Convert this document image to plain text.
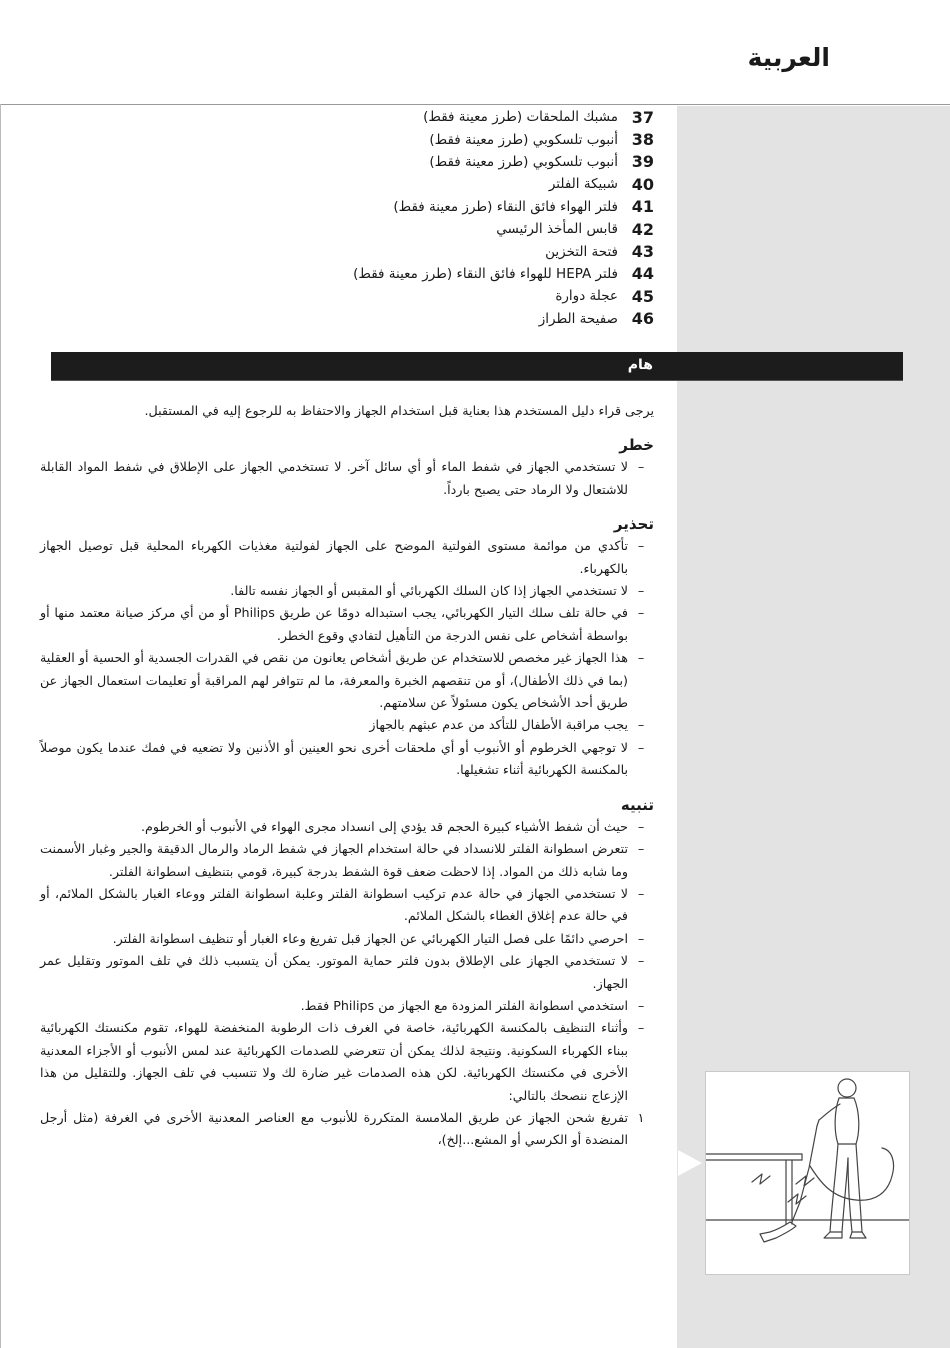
العربية
37
مشبك الملحقات (طرز معينة فقط)
38
أنبوب تلسكوبي (طرز معينة فقط)
39
أنبوب تلسكوبي (طرز معينة فقط)
40
شبيكة الفلتر
41
فلتر الهواء فائق النقاء (طرز معينة فقط)
42
قابس المأخذ الرئيسي
43
فتحة التخزين
44
فلتر HEPA للهواء فائق النقاء (طرز معينة فقط)
45
عجلة دوارة
46
صفيحة الطراز
هام

يرجى قراء دليل المستخدم هذا بعناية قبل استخدام الجهاز والاحتفاظ به للرجوع إليه في المستقبل.

خطر
–
لا تستخدمي الجهاز في شفط الماء أو أي سائل آخر. لا تستخدمي الجهاز على الإطلاق في شفط المواد القابلة للاشتعال ولا الرماد حتى يصبح بارداً.
تحذير
–
تأكدي من موائمة مستوى الفولتية الموضح على الجهاز لفولتية مغذيات الكهرباء المحلية قبل توصيل الجهاز بالكهرباء.
–
لا تستخدمي الجهاز إذا كان السلك الكهربائي أو المقبس أو الجهاز نفسه تالفا.
–
في حالة تلف سلك التيار الكهربائي، يجب استبداله دومًا عن طريق Philips أو من أي مركز صيانة معتمد منها أو بواسطة أشخاص على نفس الدرجة من التأهيل لتفادي وقوع الخطر.
–
هذا الجهاز غير مخصص للاستخدام عن طريق أشخاص يعانون من نقص في القدرات الجسدية أو الحسية أو العقلية (بما في ذلك الأطفال)، أو من تنقصهم الخبرة والمعرفة، ما لم تتوافر لهم المراقبة أو تعليمات استعمال الجهاز عن طريق أحد الأشخاص يكون مسئولاً عن سلامتهم.
–
يجب مراقبة الأطفال للتأكد من عدم عبثهم بالجهاز
–
لا توجهي الخرطوم أو الأنبوب أو أي ملحقات أخرى نحو العينين أو الأذنين ولا تضعيه في فمك عندما يكون موصلاً بالمكنسة الكهربائية أثناء تشغيلها.
تنبيه
–
حيث أن شفط الأشياء كبيرة الحجم قد يؤدي إلى انسداد مجرى الهواء في الأنبوب أو الخرطوم.
–
تتعرض اسطوانة الفلتر للانسداد في حالة استخدام الجهاز في شفط الرماد والرمال الدقيقة والجير وغبار الأسمنت وما شابه ذلك من المواد. إذا لاحظت ضعف قوة الشفط بدرجة كبيرة، قومي بتنظيف اسطوانة الفلتر.
–
لا تستخدمي الجهاز في حالة عدم تركيب اسطوانة الفلتر وعلبة اسطوانة الفلتر ووعاء الغبار بالشكل الملائم، أو في حالة عدم إغلاق الغطاء بالشكل الملائم.
–
احرصي دائمًا على فصل التيار الكهربائي عن الجهاز قبل تفريغ وعاء الغبار أو تنظيف اسطوانة الفلتر.
–
لا تستخدمي الجهاز على الإطلاق بدون فلتر حماية الموتور. يمكن أن يتسبب ذلك في تلف الموتور وتقليل عمر الجهاز.
–
استخدمي اسطوانة الفلتر المزودة مع الجهاز من Philips فقط.
–
وأثناء التنظيف بالمكنسة الكهربائية، خاصة في الغرف ذات الرطوبة المنخفضة للهواء، تقوم مكنستك الكهربائية ببناء الكهرباء السكونية. ونتيجة لذلك يمكن أن تتعرضي للصدمات الكهربائية عند لمس الأنبوب أو الأجزاء المعدنية الأخرى في مكنستك الكهربائية. لكن هذه الصدمات غير ضارة لك ولا تتسبب في تلف الجهاز. وللتقليل من هذا الإزعاج ننصحك بالتالي:
١
تفريغ شحن الجهاز عن طريق الملامسة المتكررة للأنبوب مع العناصر المعدنية الأخرى في الغرفة (مثل أرجل المنضدة أو الكرسي أو المشع...إلخ)،
